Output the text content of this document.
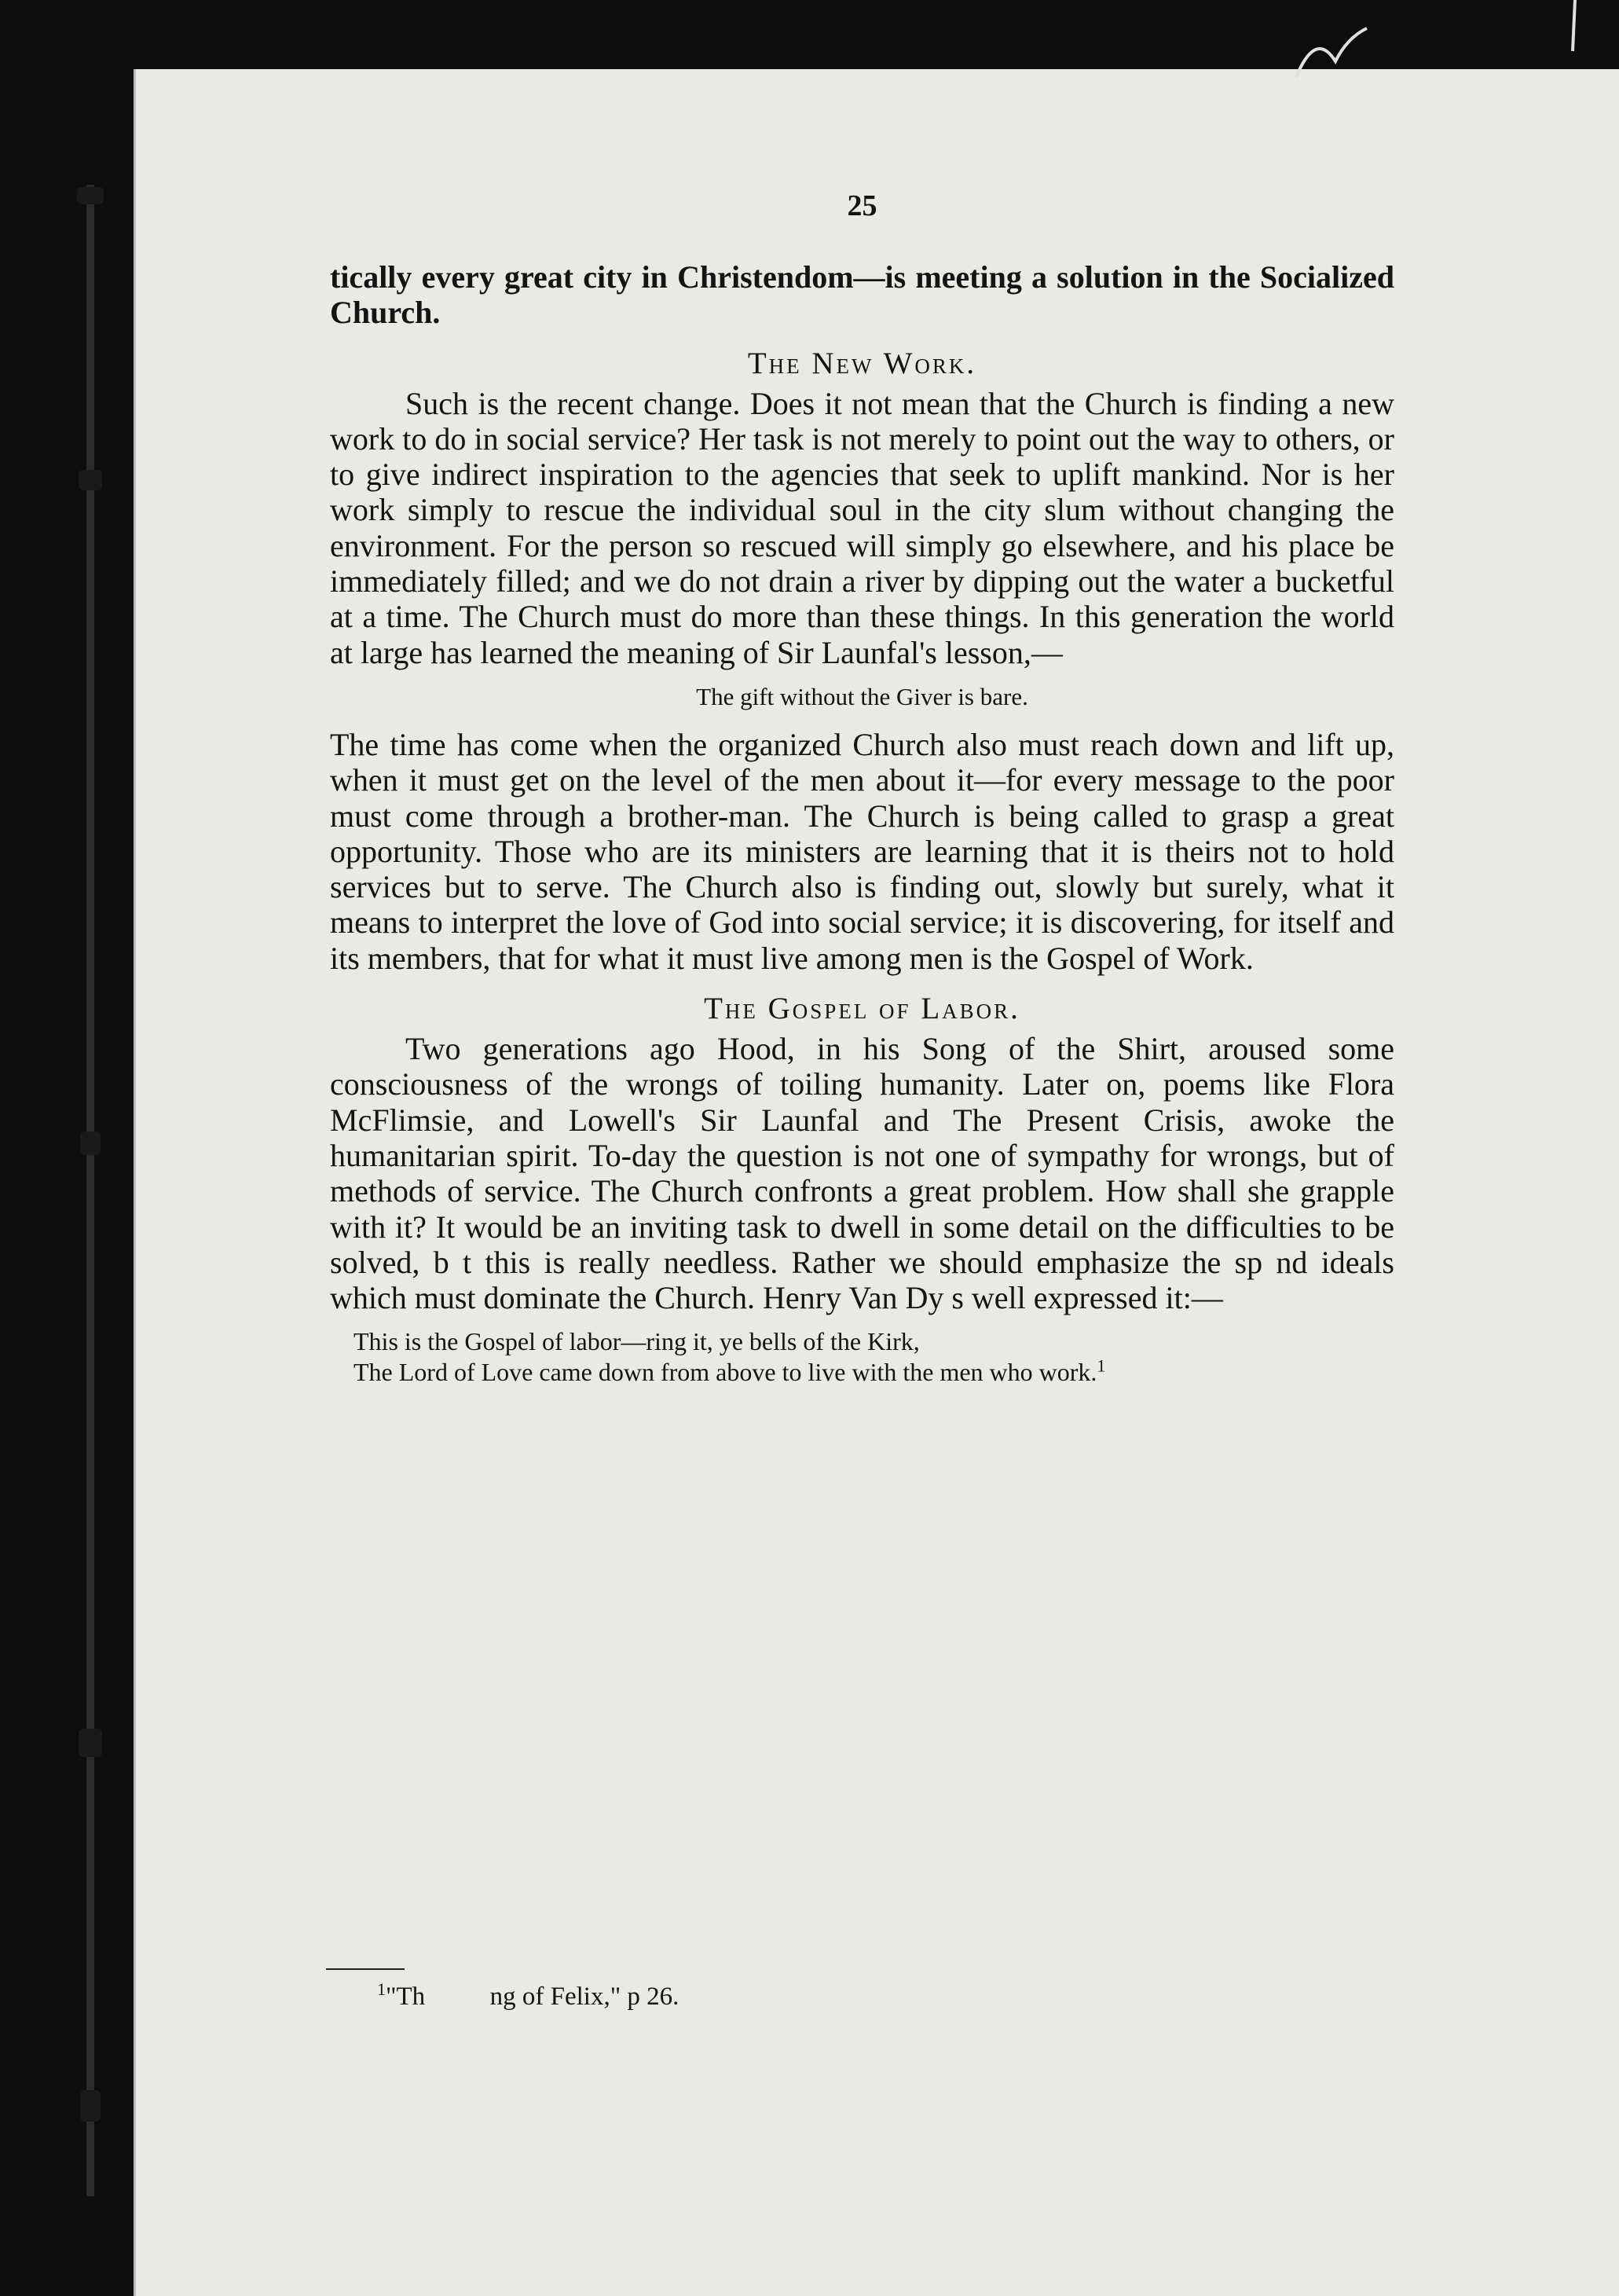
25

tically every great city in Christendom—is meeting a solution in the Socialized Church.

The New Work.

Such is the recent change. Does it not mean that the Church is finding a new work to do in social service? Her task is not merely to point out the way to others, or to give indirect inspiration to the agencies that seek to uplift mankind. Nor is her work simply to rescue the individual soul in the city slum without changing the environment. For the person so rescued will simply go elsewhere, and his place be immediately filled; and we do not drain a river by dipping out the water a bucketful at a time. The Church must do more than these things. In this generation the world at large has learned the meaning of Sir Launfal's lesson,—

The gift without the Giver is bare.

The time has come when the organized Church also must reach down and lift up, when it must get on the level of the men about it—for every message to the poor must come through a brother-man. The Church is being called to grasp a great opportunity. Those who are its ministers are learning that it is theirs not to hold services but to serve. The Church also is finding out, slowly but surely, what it means to interpret the love of God into social service; it is discovering, for itself and its members, that for what it must live among men is the Gospel of Work.

The Gospel of Labor.

Two generations ago Hood, in his Song of the Shirt, aroused some consciousness of the wrongs of toiling humanity. Later on, poems like Flora McFlimsie, and Lowell's Sir Launfal and The Present Crisis, awoke the humanitarian spirit. To-day the question is not one of sympathy for wrongs, but of methods of service. The Church confronts a great problem. How shall she grapple with it? It would be an inviting task to dwell in some detail on the difficulties to be solved, b t this is really needless. Rather we should emphasize the sp nd ideals which must dominate the Church. Henry Van Dy s well expressed it:—

This is the Gospel of labor—ring it, ye bells of the Kirk,
The Lord of Love came down from above to live with the men who work.$^1$
$^1$"Th          ng of Felix," p 26.
